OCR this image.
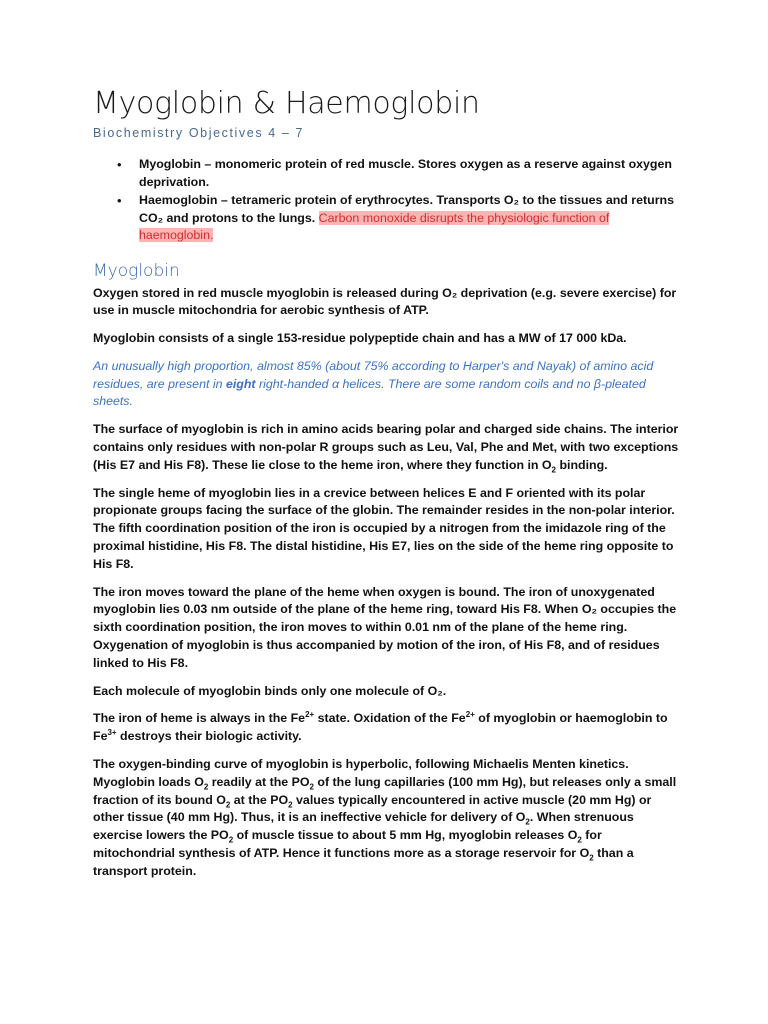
Myoglobin & Haemoglobin
Biochemistry Objectives 4 – 7
• Myoglobin – monomeric protein of red muscle. Stores oxygen as a reserve against oxygen deprivation.
• Haemoglobin – tetrameric protein of erythrocytes. Transports O₂ to the tissues and returns CO₂ and protons to the lungs. Carbon monoxide disrupts the physiologic function of haemoglobin.
Myoglobin

Oxygen stored in red muscle myoglobin is released during O₂ deprivation (e.g. severe exercise) for use in muscle mitochondria for aerobic synthesis of ATP.

Myoglobin consists of a single 153-residue polypeptide chain and has a MW of 17 000 kDa.

An unusually high proportion, almost 85% (about 75% according to Harper's and Nayak) of amino acid residues, are present in eight right-handed α helices. There are some random coils and no β-pleated sheets.

The surface of myoglobin is rich in amino acids bearing polar and charged side chains. The interior contains only residues with non-polar R groups such as Leu, Val, Phe and Met, with two exceptions (His E7 and His F8). These lie close to the heme iron, where they function in $O_2$ binding.

The single heme of myoglobin lies in a crevice between helices E and F oriented with its polar propionate groups facing the surface of the globin. The remainder resides in the non-polar interior. The fifth coordination position of the iron is occupied by a nitrogen from the imidazole ring of the proximal histidine, His F8. The distal histidine, His E7, lies on the side of the heme ring opposite to His F8.

The iron moves toward the plane of the heme when oxygen is bound. The iron of unoxygenated myoglobin lies 0.03 nm outside of the plane of the heme ring, toward His F8. When O₂ occupies the sixth coordination position, the iron moves to within 0.01 nm of the plane of the heme ring. Oxygenation of myoglobin is thus accompanied by motion of the iron, of His F8, and of residues linked to His F8.

Each molecule of myoglobin binds only one molecule of O₂.

The iron of heme is always in the $Fe^{2+}$ state. Oxidation of the $Fe^{2+}$ of myoglobin or haemoglobin to $Fe^{3+}$ destroys their biologic activity.

The oxygen-binding curve of myoglobin is hyperbolic, following Michaelis Menten kinetics. Myoglobin loads $O_2$ readily at the $PO_2$ of the lung capillaries (100 mm Hg), but releases only a small fraction of its bound $O_2$ at the $PO_2$ values typically encountered in active muscle (20 mm Hg) or other tissue (40 mm Hg). Thus, it is an ineffective vehicle for delivery of $O_2$. When strenuous exercise lowers the $PO_2$ of muscle tissue to about 5 mm Hg, myoglobin releases $O_2$ for mitochondrial synthesis of ATP. Hence it functions more as a storage reservoir for $O_2$ than a transport protein.
